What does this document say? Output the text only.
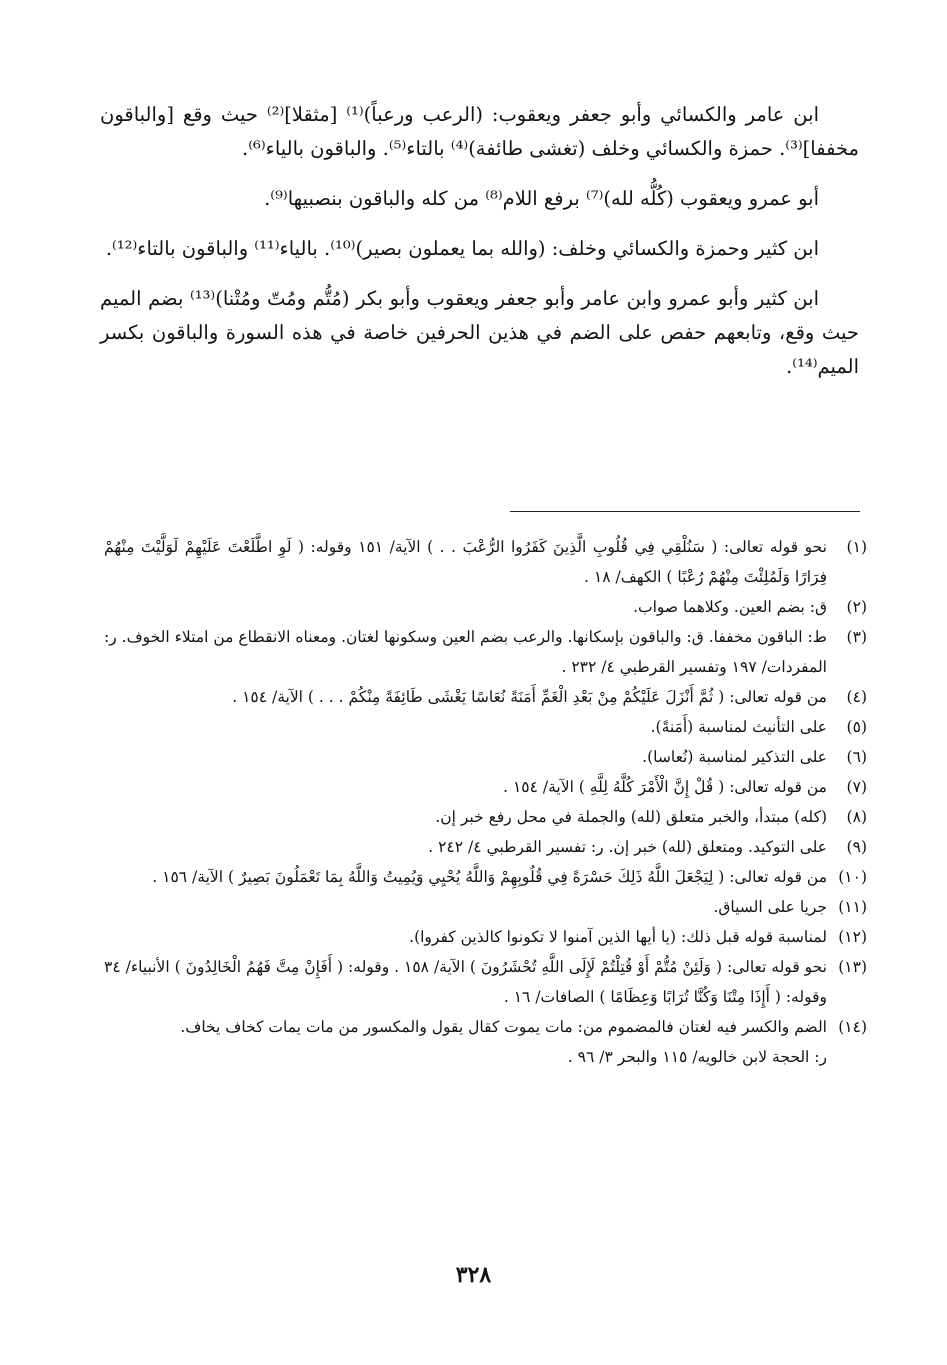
ابن عامر والكسائي وأبو جعفر ويعقوب: (الرعب ورعباً)⁽¹⁾ [مثقلا]⁽²⁾ حيث وقع [والباقون مخففا]⁽³⁾. حمزة والكسائي وخلف (تغشى طائفة)⁽⁴⁾ بالتاء⁽⁵⁾. والباقون بالياء⁽⁶⁾.

أبو عمرو ويعقوب (كُلُّه لله)⁽⁷⁾ برفع اللام⁽⁸⁾ من كله والباقون بنصبيها⁽⁹⁾.

ابن كثير وحمزة والكسائي وخلف: (والله بما يعملون بصير)⁽¹⁰⁾. بالياء⁽¹¹⁾ والباقون بالتاء⁽¹²⁾.

ابن كثير وأبو عمرو وابن عامر وأبو جعفر ويعقوب وأبو بكر (مُتُّم ومُتّ ومُتْنا)⁽¹³⁾ بضم الميم حيث وقع، وتابعهم حفص على الضم في هذين الحرفين خاصة في هذه السورة والباقون بكسر الميم⁽¹⁴⁾.

(١)
نحو قوله تعالى: ( سَنُلْقِي فِي قُلُوبِ الَّذِينَ كَفَرُوا الرُّعْبَ . . ) الآية/ ١٥١ وقوله: ( لَوِ اطَّلَعْتَ عَلَيْهِمْ لَوَلَّيْتَ مِنْهُمْ فِرَارًا وَلَمُلِئْتَ مِنْهُمْ رُعْبًا ) الكهف/ ١٨ .
(٢)
ق: بضم العين. وكلاهما صواب.
(٣)
ط: الباقون مخففا. ق: والباقون بإسكانها. والرعب بضم العين وسكونها لغتان. ومعناه الانقطاع من امتلاء الخوف. ر: المفردات/ ١٩٧ وتفسير القرطبي ٤/ ٢٣٢ .
(٤)
من قوله تعالى: ( ثُمَّ أَنْزَلَ عَلَيْكُمْ مِنْ بَعْدِ الْغَمِّ أَمَنَةً نُعَاسًا يَغْشَى طَائِفَةً مِنْكُمْ . . . ) الآية/ ١٥٤ .
(٥)
على التأنيث لمناسبة (أَمَنةً).
(٦)
على التذكير لمناسبة (نُعاسا).
(٧)
من قوله تعالى: ( قُلْ إِنَّ الْأَمْرَ كُلَّهُ لِلَّهِ ) الآية/ ١٥٤ .
(٨)
(كله) مبتدأ، والخبر متعلق (لله) والجملة في محل رفع خبر إن.
(٩)
على التوكيد. ومتعلق (لله) خبر إن. ر: تفسير القرطبي ٤/ ٢٤٢ .
(١٠)
من قوله تعالى: ( لِيَجْعَلَ اللَّهُ ذَلِكَ حَسْرَةً فِي قُلُوبِهِمْ وَاللَّهُ يُحْيِي وَيُمِيتُ وَاللَّهُ بِمَا تَعْمَلُونَ بَصِيرٌ ) الآية/ ١٥٦ .
(١١)
جريا على السياق.
(١٢)
لمناسبة قوله قبل ذلك: (يا أيها الذين آمنوا لا تكونوا كالذين كفروا).
(١٣)
نحو قوله تعالى: ( وَلَئِنْ مُتُّمْ أَوْ قُتِلْتُمْ لَإِلَى اللَّهِ تُحْشَرُونَ ) الآية/ ١٥٨ . وقوله: ( أَفَإِنْ مِتَّ فَهُمُ الْخَالِدُونَ ) الأنبياء/ ٣٤ وقوله: ( أَإِذَا مِتْنَا وَكُنَّا تُرَابًا وَعِظَامًا ) الصافات/ ١٦ .
(١٤)
الضم والكسر فيه لغتان فالمضموم من: مات يموت كقال يقول والمكسور من مات يمات كخاف يخاف.
ر: الحجة لابن خالويه/ ١١٥ والبحر ٣/ ٩٦ .
٣٢٨
